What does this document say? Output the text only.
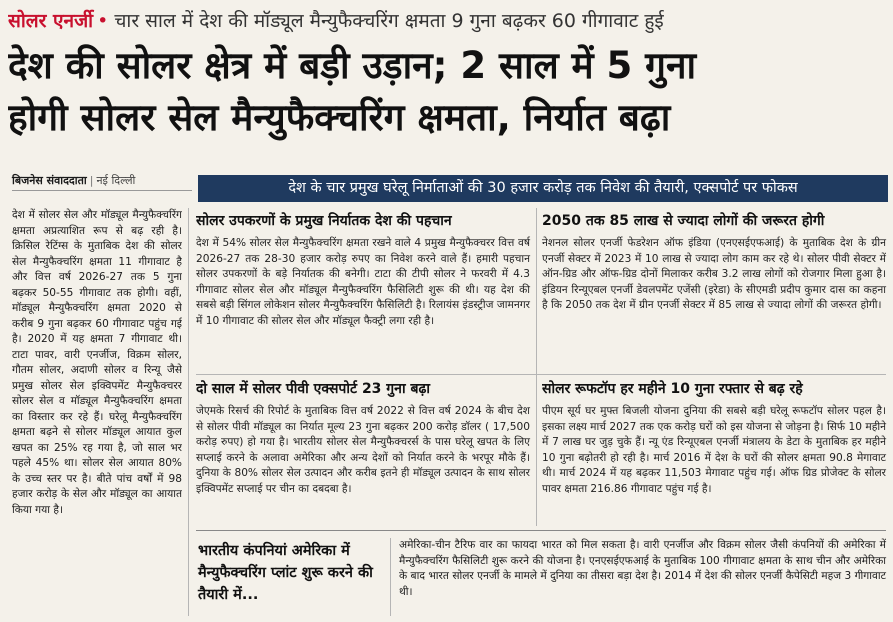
सोलर एनर्जी • चार साल में देश की मॉड्यूल मैन्युफैक्चरिंग क्षमता 9 गुना बढ़कर 60 गीगावाट हुई
देश की सोलर क्षेत्र में बड़ी उड़ान; 2 साल में 5 गुना
होगी सोलर सेल मैन्युफैक्चरिंग क्षमता, निर्यात बढ़ा
बिजनेस संवाददाता | नई दिल्ली	देश के चार प्रमुख घरेलू निर्माताओं की 30 हजार करोड़ तक निवेश की तैयारी, एक्सपोर्ट पर फोकस
देश में सोलर सेल और मॉड्यूल मैन्युफैक्चरिंग क्षमता अप्रत्याशित रूप से बढ़ रही है। क्रिसिल रेटिंग्स के मुताबिक देश की सोलर सेल मैन्युफैक्चरिंग क्षमता 11 गीगावाट है और वित्त वर्ष 2026-27 तक 5 गुना बढ़कर 50-55 गीगावाट तक होगी। वहीं, मॉड्यूल मैन्युफैक्चरिंग क्षमता 2020 से करीब 9 गुना बढ़कर 60 गीगावाट पहुंच गई है। 2020 में यह क्षमता 7 गीगावाट थी। टाटा पावर, वारी एनर्जीज, विक्रम सोलर, गौतम सोलर, अदाणी सोलर व रिन्यू जैसे प्रमुख सोलर सेल इक्विपमेंट मैन्युफैक्चरर सोलर सेल व मॉड्यूल मैन्युफैक्चरिंग क्षमता का विस्तार कर रहे हैं। घरेलू मैन्युफैक्चरिंग क्षमता बढ़ने से सोलर मॉड्यूल आयात कुल खपत का 25% रह गया है, जो साल भर पहले 45% था। सोलर सेल आयात 80% के उच्च स्तर पर है। बीते पांच वर्षों में 98 हजार करोड़ के सेल और मॉड्यूल का आयात किया गया है।
सोलर उपकरणों के प्रमुख निर्यातक देश की पहचान
देश में 54% सोलर सेल मैन्युफैक्चरिंग क्षमता रखने वाले 4 प्रमुख मैन्युफैक्चरर वित्त वर्ष 2026-27 तक 28-30 हजार करोड़ रुपए का निवेश करने वाले हैं। हमारी पहचान सोलर उपकरणों के बड़े निर्यातक की बनेगी। टाटा की टीपी सोलर ने फरवरी में 4.3 गीगावाट सोलर सेल और मॉड्यूल मैन्युफैक्चरिंग फैसिलिटी शुरू की थी। यह देश की सबसे बड़ी सिंगल लोकेशन सोलर मैन्युफैक्चरिंग फैसिलिटी है। रिलायंस इंडस्ट्रीज जामनगर में 10 गीगावाट की सोलर सेल और मॉड्यूल फैक्ट्री लगा रही है।
2050 तक 85 लाख से ज्यादा लोगों की जरूरत होगी
नेशनल सोलर एनर्जी फेडरेशन ऑफ इंडिया (एनएसईएफआई) के मुताबिक देश के ग्रीन एनर्जी सेक्टर में 2023 में 10 लाख से ज्यादा लोग काम कर रहे थे। सोलर पीवी सेक्टर में ऑन-ग्रिड और ऑफ-ग्रिड दोनों मिलाकर करीब 3.2 लाख लोगों को रोजगार मिला हुआ है। इंडियन रिन्यूएबल एनर्जी डेवलपमेंट एजेंसी (इरेडा) के सीएमडी प्रदीप कुमार दास का कहना है कि 2050 तक देश में ग्रीन एनर्जी सेक्टर में 85 लाख से ज्यादा लोगों की जरूरत होगी।
दो साल में सोलर पीवी एक्सपोर्ट 23 गुना बढ़ा
जेएमके रिसर्च की रिपोर्ट के मुताबिक वित्त वर्ष 2022 से वित्त वर्ष 2024 के बीच देश से सोलर पीवी मॉड्यूल का निर्यात मूल्य 23 गुना बढ़कर 200 करोड़ डॉलर ( 17,500 करोड़ रुपए) हो गया है। भारतीय सोलर सेल मैन्युफैक्चरर्स के पास घरेलू खपत के लिए सप्लाई करने के अलावा अमेरिका और अन्य देशों को निर्यात करने के भरपूर मौके हैं। दुनिया के 80% सोलर सेल उत्पादन और करीब इतने ही मॉड्यूल उत्पादन के साथ सोलर इक्विपमेंट सप्लाई पर चीन का दबदबा है।
सोलर रूफटॉप हर महीने 10 गुना रफ्तार से बढ़ रहे
पीएम सूर्य घर मुफ्त बिजली योजना दुनिया की सबसे बड़ी घरेलू रूफटॉप सोलर पहल है। इसका लक्ष्य मार्च 2027 तक एक करोड़ घरों को इस योजना से जोड़ना है। सिर्फ 10 महीने में 7 लाख घर जुड़ चुके हैं। न्यू एंड रिन्यूएबल एनर्जी मंत्रालय के डेटा के मुताबिक हर महीने 10 गुना बढ़ोतरी हो रही है। मार्च 2016 में देश के घरों की सोलर क्षमता 90.8 मेगावाट थी। मार्च 2024 में यह बढ़कर 11,503 मेगावाट पहुंच गई। ऑफ ग्रिड प्रोजेक्ट के सोलर पावर क्षमता 216.86 गीगावाट पहुंच गई है।
भारतीय कंपनियां अमेरिका में मैन्युफैक्चरिंग प्लांट शुरू करने की तैयारी में...
अमेरिका-चीन टैरिफ वार का फायदा भारत को मिल सकता है। वारी एनर्जीज और विक्रम सोलर जैसी कंपनियों की अमेरिका में मैन्युफैक्चरिंग फैसिलिटी शुरू करने की योजना है। एनएसईएफआई के मुताबिक 100 गीगावाट क्षमता के साथ चीन और अमेरिका के बाद भारत सोलर एनर्जी के मामले में दुनिया का तीसरा बड़ा देश है। 2014 में देश की सोलर एनर्जी कैपेसिटी महज 3 गीगावाट थी।
